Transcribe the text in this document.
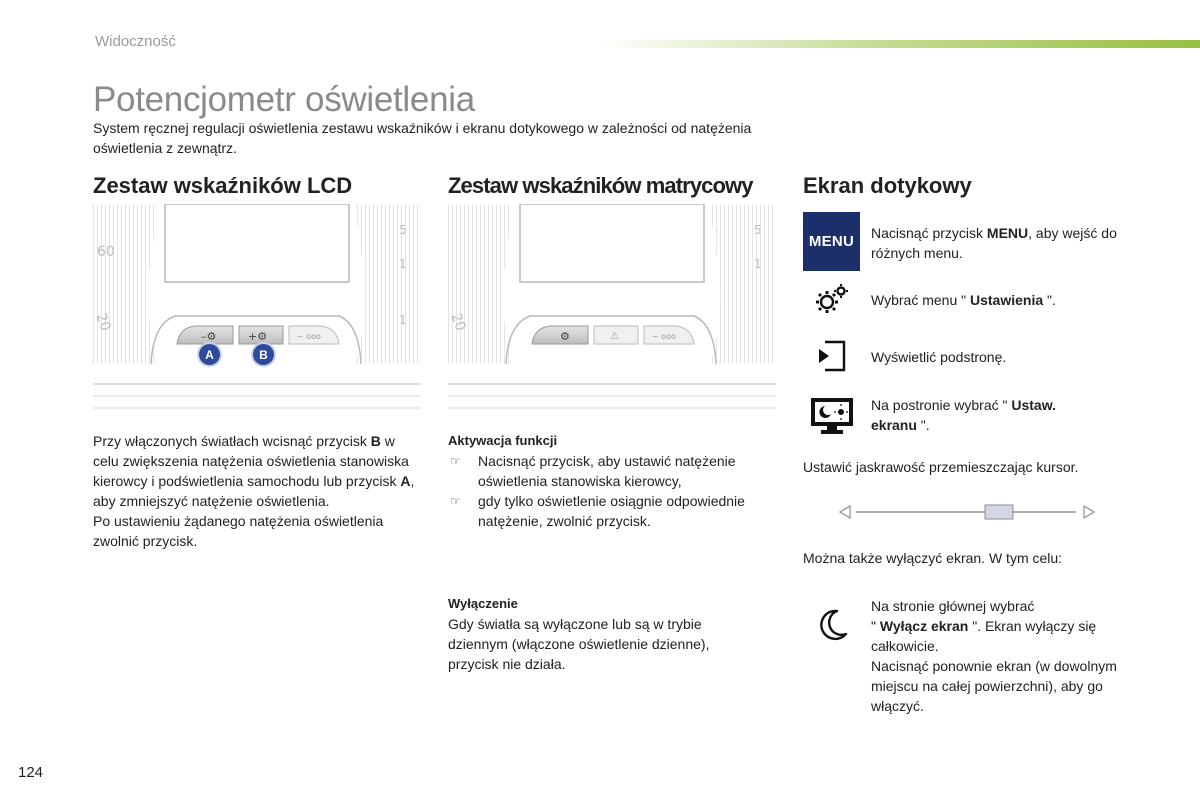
Widoczność
Potencjometr oświetlenia
System ręcznej regulacji oświetlenia zestawu wskaźników i ekranu dotykowego w zależności od natężenia oświetlenia z zewnątrz.
Zestaw wskaźników LCD	Zestaw wskaźników matrycowy Ekran dotykowy
60
20
5
1
1
–⚙	+⚙	~ ooo
A	B
20
5
1
⚙	⚠	~ ooo
Przy włączonych światłach wcisnąć przycisk B w celu zwiększenia natężenia oświetlenia stanowiska kierowcy i podświetlenia samochodu lub przycisk A, aby zmniejszyć natężenie oświetlenia.
Po ustawieniu żądanego natężenia oświetlenia zwolnić przycisk.
Aktywacja funkcji
☞ Nacisnąć przycisk, aby ustawić natężenie oświetlenia stanowiska kierowcy,
☞ gdy tylko oświetlenie osiągnie odpowiednie natężenie, zwolnić przycisk.
Wyłączenie
Gdy światła są wyłączone lub są w trybie dziennym (włączone oświetlenie dzienne), przycisk nie działa.
MENU	Nacisnąć przycisk MENU, aby wejść do różnych menu.
Wybrać menu " Ustawienia ".
Wyświetlić podstronę.
Na postronie wybrać " Ustaw. ekranu ".
Ustawić jaskrawość przemieszczając kursor.
Można także wyłączyć ekran. W tym celu:
Na stronie głównej wybrać
" Wyłącz ekran ". Ekran wyłączy się całkowicie.
Nacisnąć ponownie ekran (w dowolnym miejscu na całej powierzchni), aby go włączyć.
124
